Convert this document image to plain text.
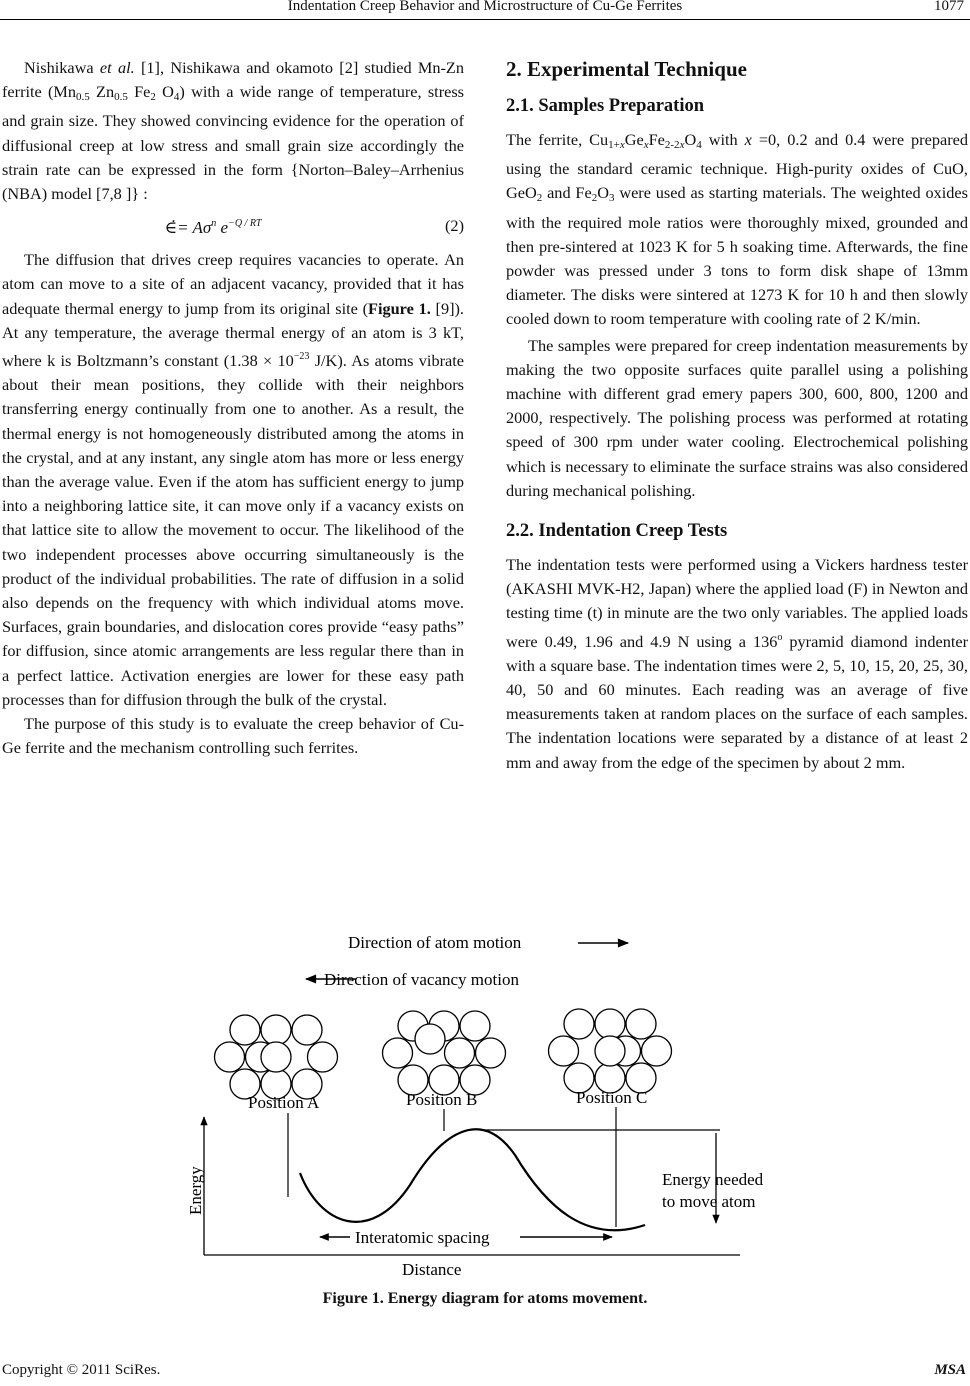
Indentation Creep Behavior and Microstructure of Cu-Ge Ferrites	1077

Nishikawa et al. [1], Nishikawa and okamoto [2] studied Mn-Zn ferrite ($Mn_{0.5}$ $Zn_{0.5}$ $Fe_2$ $O_4$) with a wide range of temperature, stress and grain size. They showed convincing evidence for the operation of diffusional creep at low stress and small grain size accordingly the strain rate can be expressed in the form {Norton–Baley–Arrhenius (NBA) model [7,8 ]} :

∈̇= $A\sigma^n$ $e^{-Q / RT}$	(2)

The diffusion that drives creep requires vacancies to operate. An atom can move to a site of an adjacent vacancy, provided that it has adequate thermal energy to jump from its original site (Figure 1. [9]). At any temperature, the average thermal energy of an atom is 3 kT, where k is Boltzmann’s constant ($1.38 \times 10^{-23}$ J/K). As atoms vibrate about their mean positions, they collide with their neighbors transferring energy continually from one to another. As a result, the thermal energy is not homogeneously distributed among the atoms in the crystal, and at any instant, any single atom has more or less energy than the average value. Even if the atom has sufficient energy to jump into a neighboring lattice site, it can move only if a vacancy exists on that lattice site to allow the movement to occur. The likelihood of the two independent processes above occurring simultaneously is the product of the individual probabilities. The rate of diffusion in a solid also depends on the frequency with which individual atoms move. Surfaces, grain boundaries, and dislocation cores provide “easy paths” for diffusion, since atomic arrangements are less regular there than in a perfect lattice. Activation energies are lower for these easy path processes than for diffusion through the bulk of the crystal.

The purpose of this study is to evaluate the creep behavior of Cu-Ge ferrite and the mechanism controlling such ferrites.

2. Experimental Technique
2.1. Samples Preparation

The ferrite, $Cu_{1+x}Ge_xFe_{2-2x}O_4$ with x =0, 0.2 and 0.4 were prepared using the standard ceramic technique. High-purity oxides of CuO, GeO$_2$ and $Fe_2O_3$ were used as starting materials. The weighted oxides with the required mole ratios were thoroughly mixed, grounded and then pre-sintered at 1023 K for 5 h soaking time. Afterwards, the fine powder was pressed under 3 tons to form disk shape of 13mm diameter. The disks were sintered at 1273 K for 10 h and then slowly cooled down to room temperature with cooling rate of 2 K/min.

The samples were prepared for creep indentation measurements by making the two opposite surfaces quite parallel using a polishing machine with different grad emery papers 300, 600, 800, 1200 and 2000, respectively. The polishing process was performed at rotating speed of 300 rpm under water cooling. Electrochemical polishing which is necessary to eliminate the surface strains was also considered during mechanical polishing.

2.2. Indentation Creep Tests

The indentation tests were performed using a Vickers hardness tester (AKASHI MVK-H2, Japan) where the applied load (F) in Newton and testing time (t) in minute are the two only variables. The applied loads were 0.49, 1.96 and 4.9 N using a 136$^o$ pyramid diamond indenter with a square base. The indentation times were 2, 5, 10, 15, 20, 25, 30, 40, 50 and 60 minutes. Each reading was an average of five measurements taken at random places on the surface of each samples. The indentation locations were separated by a distance of at least 2 mm and away from the edge of the specimen by about 2 mm.

Direction of atom motion
Direction of vacancy motion
Position A	Position B	Position C
Energy	Energy needed
to move atom
Interatomic spacing
Distance
Figure 1. Energy diagram for atoms movement.
Copyright © 2011 SciRes.	MSA
